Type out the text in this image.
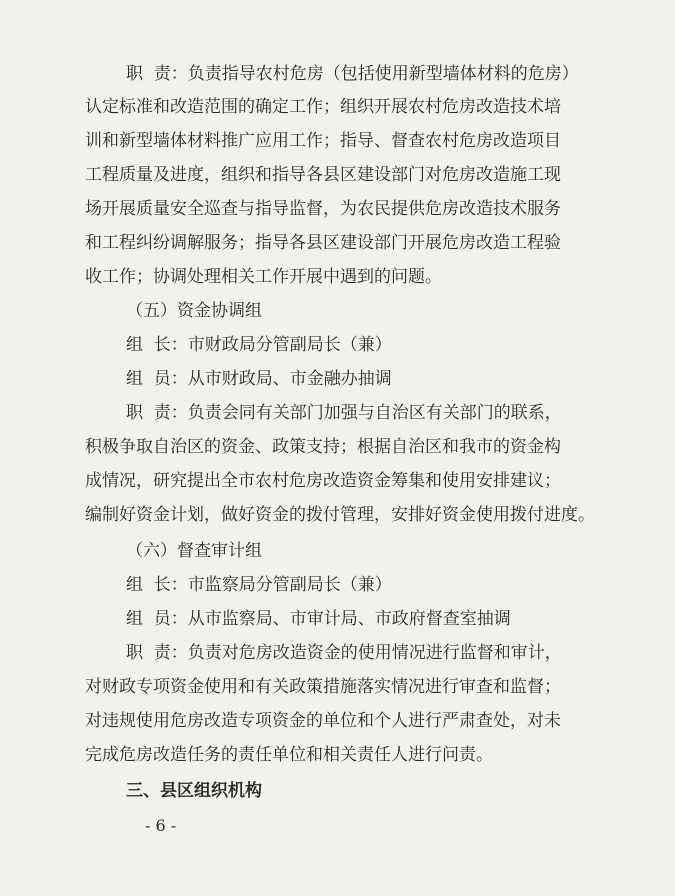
职  责：负责指导农村危房（包括使用新型墙体材料的危房）
认定标准和改造范围的确定工作；组织开展农村危房改造技术培
训和新型墙体材料推广应用工作；指导、督查农村危房改造项目
工程质量及进度，组织和指导各县区建设部门对危房改造施工现
场开展质量安全巡查与指导监督，为农民提供危房改造技术服务
和工程纠纷调解服务；指导各县区建设部门开展危房改造工程验
收工作；协调处理相关工作开展中遇到的问题。
（五）资金协调组
组  长：市财政局分管副局长（兼）
组  员：从市财政局、市金融办抽调
职  责：负责会同有关部门加强与自治区有关部门的联系，
积极争取自治区的资金、政策支持；根据自治区和我市的资金构
成情况，研究提出全市农村危房改造资金筹集和使用安排建议；
编制好资金计划，做好资金的拨付管理，安排好资金使用拨付进度。
（六）督查审计组
组  长：市监察局分管副局长（兼）
组  员：从市监察局、市审计局、市政府督查室抽调
职  责：负责对危房改造资金的使用情况进行监督和审计，
对财政专项资金使用和有关政策措施落实情况进行审查和监督；
对违规使用危房改造专项资金的单位和个人进行严肃查处，对未
完成危房改造任务的责任单位和相关责任人进行问责。
三、县区组织机构
- 6 -
